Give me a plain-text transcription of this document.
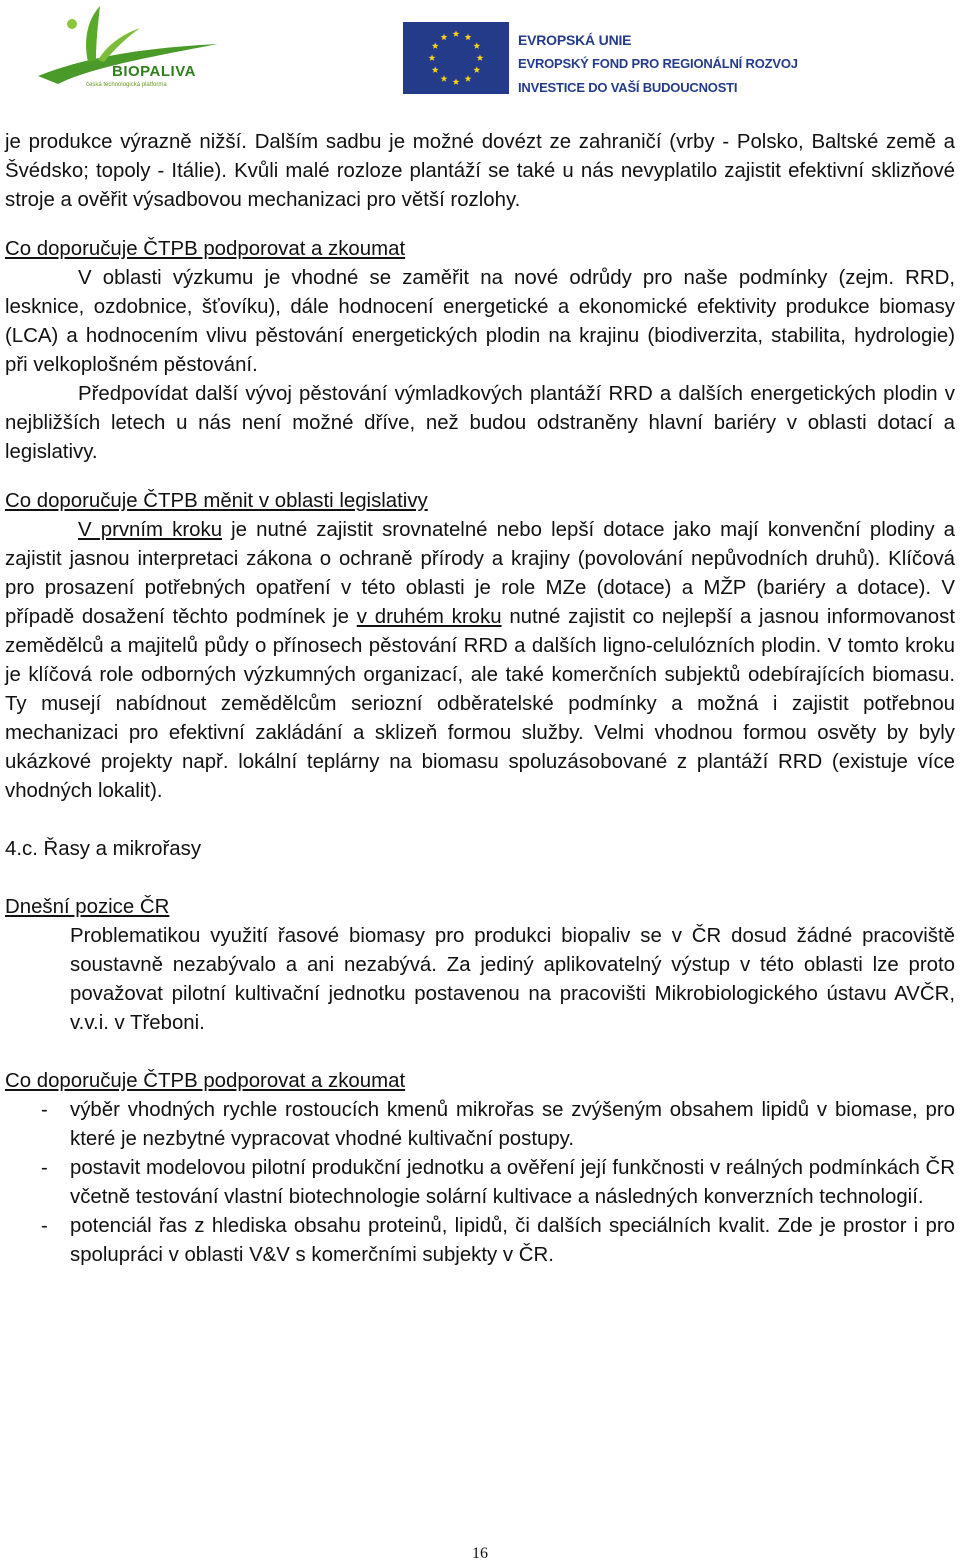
BIOPALIVA
česká technologická platforma
EVROPSKÁ UNIE
EVROPSKÝ FOND PRO REGIONÁLNÍ ROZVOJ
INVESTICE DO VAŠÍ BUDOUCNOSTI

je produkce výrazně nižší. Dalším sadbu je možné dovézt ze zahraničí (vrby - Polsko, Baltské země a Švédsko; topoly - Itálie). Kvůli malé rozloze plantáží se také u nás nevyplatilo zajistit efektivní sklizňové stroje a ověřit výsadbovou mechanizaci pro větší rozlohy.

Co doporučuje ČTPB podporovat a zkoumat

V oblasti výzkumu je vhodné se zaměřit na nové odrůdy pro naše podmínky (zejm. RRD, lesknice, ozdobnice, šťovíku), dále hodnocení energetické a ekonomické efektivity produkce biomasy (LCA) a hodnocením vlivu pěstování energetických plodin na krajinu (biodiverzita, stabilita, hydrologie) při velkoplošném pěstování.

Předpovídat další vývoj pěstování výmladkových plantáží RRD a dalších energetických plodin v nejbližších letech u nás není možné dříve, než budou odstraněny hlavní bariéry v oblasti dotací a legislativy.

Co doporučuje ČTPB měnit v oblasti legislativy

V prvním kroku je nutné zajistit srovnatelné nebo lepší dotace jako mají konvenční plodiny a zajistit jasnou interpretaci zákona o ochraně přírody a krajiny (povolování nepůvodních druhů). Klíčová pro prosazení potřebných opatření v této oblasti je role MZe (dotace) a MŽP (bariéry a dotace). V případě dosažení těchto podmínek je v druhém kroku nutné zajistit co nejlepší a jasnou informovanost zemědělců a majitelů půdy o přínosech pěstování RRD a dalších ligno-celulózních plodin. V tomto kroku je klíčová role odborných výzkumných organizací, ale také komerčních subjektů odebírajících biomasu. Ty musejí nabídnout zemědělcům seriozní odběratelské podmínky a možná i zajistit potřebnou mechanizaci pro efektivní zakládání a sklizeň formou služby. Velmi vhodnou formou osvěty by byly ukázkové projekty např. lokální teplárny na biomasu spoluzásobované z plantáží RRD (existuje více vhodných lokalit).

4.c. Řasy a mikrořasy

Dnešní pozice ČR

Problematikou využití řasové biomasy pro produkci biopaliv se v ČR dosud žádné pracoviště soustavně nezabývalo a ani nezabývá. Za jediný aplikovatelný výstup v této oblasti lze proto považovat pilotní kultivační jednotku postavenou na pracovišti Mikrobiologického ústavu AVČR, v.v.i. v Třeboni.

Co doporučuje ČTPB podporovat a zkoumat

- výběr vhodných rychle rostoucích kmenů mikrořas se zvýšeným obsahem lipidů v biomase, pro které je nezbytné vypracovat vhodné kultivační postupy.

- postavit modelovou pilotní produkční jednotku a ověření její funkčnosti v reálných podmínkách ČR včetně testování vlastní biotechnologie solární kultivace a následných konverzních technologií.

- potenciál řas z hlediska obsahu proteinů, lipidů, či dalších speciálních kvalit. Zde je prostor i pro spolupráci v oblasti V&V s komerčními subjekty v ČR.

16
